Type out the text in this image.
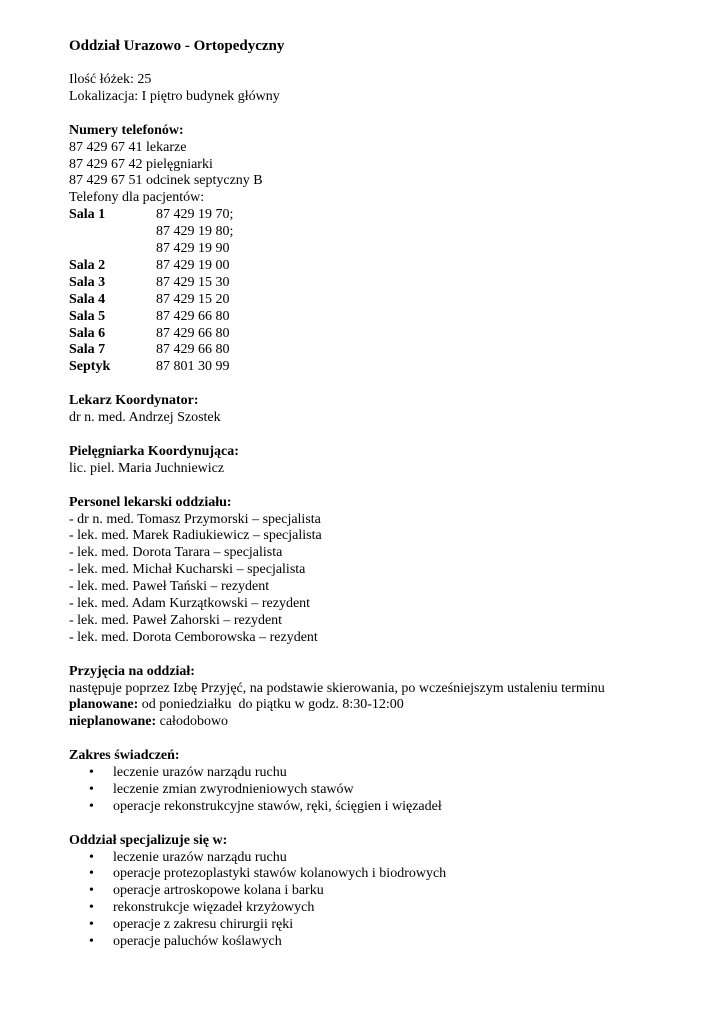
Oddział Urazowo - Ortopedyczny
Ilość łóżek: 25
Lokalizacja: I piętro budynek główny
Numery telefonów:
87 429 67 41 lekarze
87 429 67 42 pielęgniarki
87 429 67 51 odcinek septyczny B
Telefony dla pacjentów:
Sala 1	87 429 19 70;
87 429 19 80;
87 429 19 90
Sala 2	87 429 19 00
Sala 3	87 429 15 30
Sala 4	87 429 15 20
Sala 5	87 429 66 80
Sala 6	87 429 66 80
Sala 7	87 429 66 80
Septyk	87 801 30 99
Lekarz Koordynator:
dr n. med. Andrzej Szostek
Pielęgniarka Koordynująca:
lic. piel. Maria Juchniewicz
Personel lekarski oddziału:
- dr n. med. Tomasz Przymorski – specjalista
- lek. med. Marek Radiukiewicz – specjalista
- lek. med. Dorota Tarara – specjalista
- lek. med. Michał Kucharski – specjalista
- lek. med. Paweł Tański – rezydent
- lek. med. Adam Kurzątkowski – rezydent
- lek. med. Paweł Zahorski – rezydent
- lek. med. Dorota Cemborowska – rezydent
Przyjęcia na oddział:
następuje poprzez Izbę Przyjęć, na podstawie skierowania, po wcześniejszym ustaleniu terminu
planowane: od poniedziałku  do piątku w godz. 8:30-12:00
nieplanowane: całodobowo
Zakres świadczeń:
•	leczenie urazów narządu ruchu
•	leczenie zmian zwyrodnieniowych stawów
•	operacje rekonstrukcyjne stawów, ręki, ścięgien i więzadeł
Oddział specjalizuje się w:
•	leczenie urazów narządu ruchu
•	operacje protezoplastyki stawów kolanowych i biodrowych
•	operacje artroskopowe kolana i barku
•	rekonstrukcje więzadeł krzyżowych
•	operacje z zakresu chirurgii ręki
•	operacje paluchów koślawych
